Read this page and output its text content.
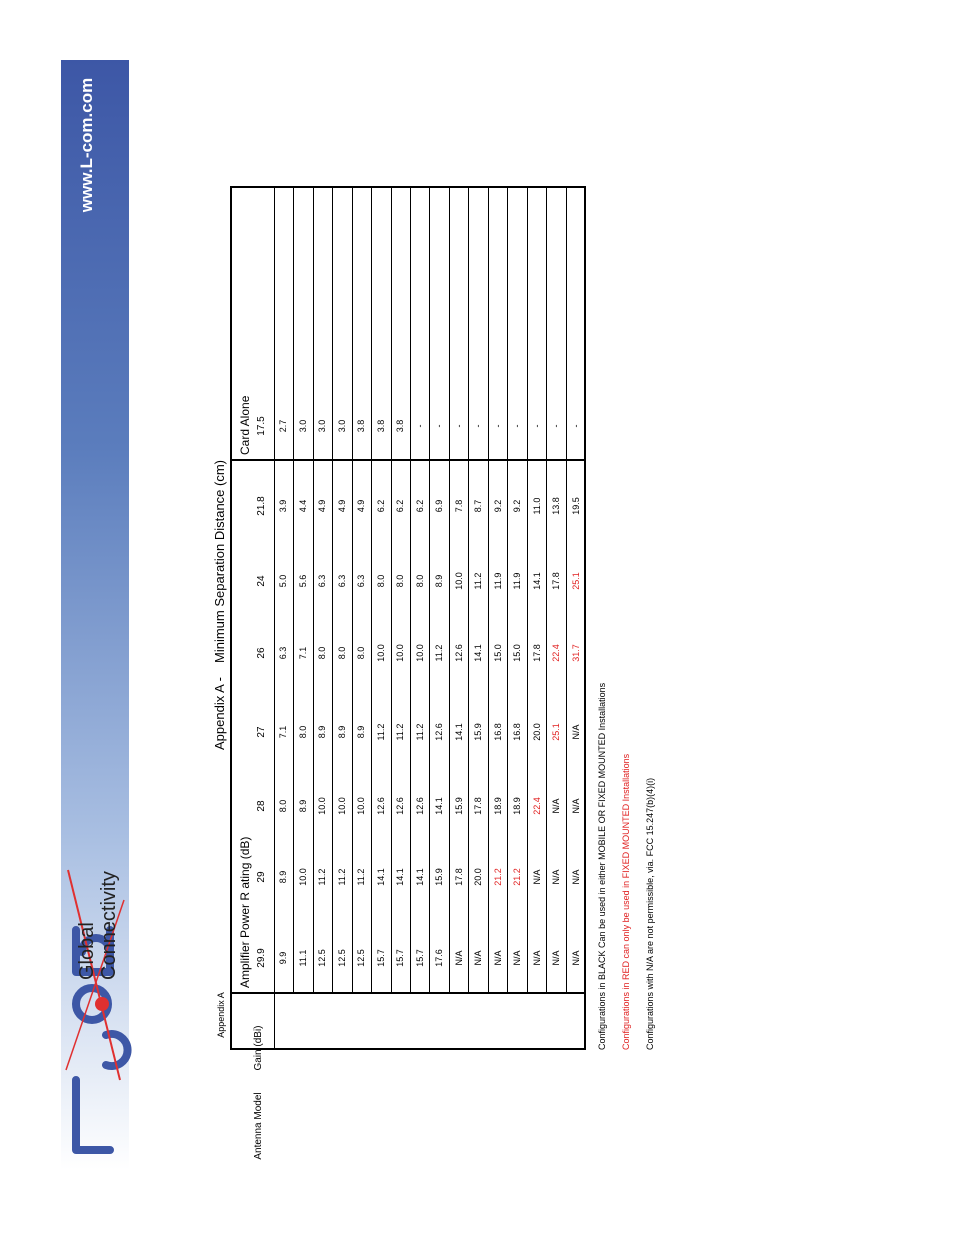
www.L-com.com
Global Connectivity
Appendix A -Minimum Separation Distance (cm)
Antenna Model
Gain (dBi)
Amplifier Power R ating (dB)
Card Alone
29.9
29
28
27
26
24
21.8
17.5
9.9
8.9
8.0
7.1
6.3
5.0
3.9
2.7
11.1
10.0
8.9
8.0
7.1
5.6
4.4
3.0
12.5
11.2
10.0
8.9
8.0
6.3
4.9
3.0
12.5
11.2
10.0
8.9
8.0
6.3
4.9
3.0
12.5
11.2
10.0
8.9
8.0
6.3
4.9
3.8
15.7
14.1
12.6
11.2
10.0
8.0
6.2
3.8
15.7
14.1
12.6
11.2
10.0
8.0
6.2
3.8
15.7
14.1
12.6
11.2
10.0
8.0
6.2
-
17.6
15.9
14.1
12.6
11.2
8.9
6.9
-
N/A
17.8
15.9
14.1
12.6
10.0
7.8
-
N/A
20.0
17.8
15.9
14.1
11.2
8.7
-
N/A
21.2
18.9
16.8
15.0
11.9
9.2
-
N/A
21.2
18.9
16.8
15.0
11.9
9.2
-
N/A
N/A
22.4
20.0
17.8
14.1
11.0
-
N/A
N/A
N/A
25.1
22.4
17.8
13.8
-
N/A
N/A
N/A
N/A
31.7
25.1
19.5
-
Configurations in BLACK Can be used in either MOBILE OR FIXED MOUNTED Installations	Configurations in RED can only be used in FIXED MOUNTED Installations	Configurations with N/A are not permissible, via. FCC 15.247(b)(4)(i)
Appendix A
